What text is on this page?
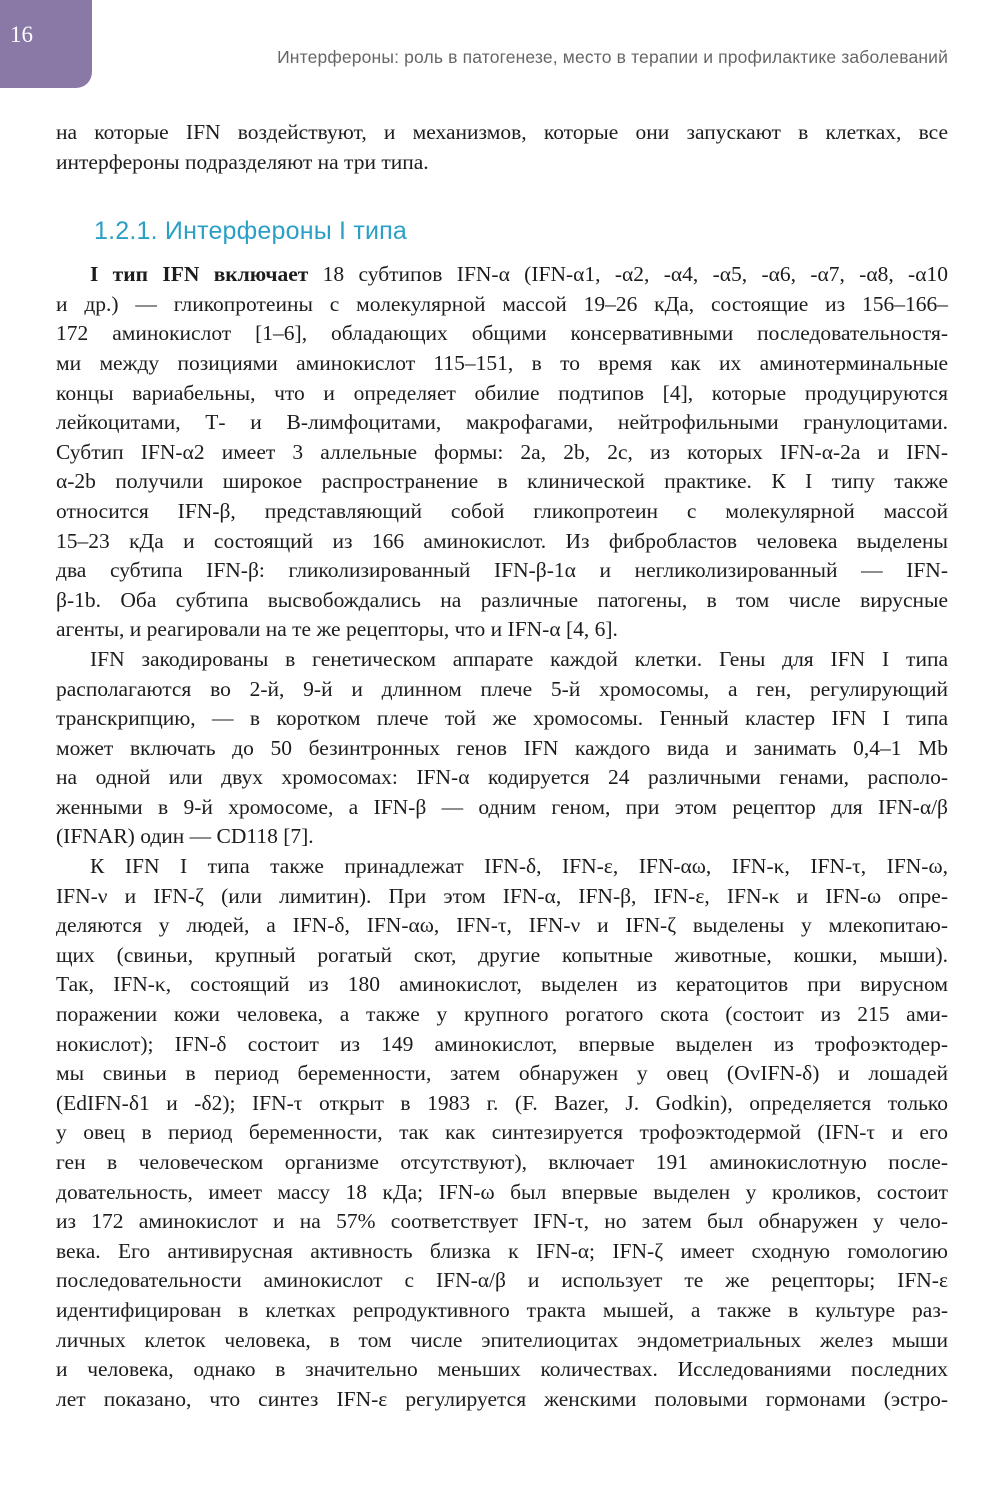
16
Интерфероны: роль в патогенезе, место в терапии и профилактике заболеваний

на которые IFN воздействуют, и механизмов, которые они запускают в клетках, все
интерфероны подразделяют на три типа.

1.2.1. Интерфероны I типа

I тип IFN включает 18 субтипов IFN-α (IFN-α1, -α2, -α4, -α5, -α6, -α7, -α8, -α10
и др.) — гликопротеины с молекулярной массой 19–26 кДа, состоящие из 156–166–
172 аминокислот [1–6], обладающих общими консервативными последовательностя-
ми между позициями аминокислот 115–151, в то время как их аминотерминальные
концы вариабельны, что и определяет обилие подтипов [4], которые продуцируются
лейкоцитами, Т- и В-лимфоцитами, макрофагами, нейтрофильными гранулоцитами.
Субтип IFN-α2 имеет 3 аллельные формы: 2a, 2b, 2c, из которых IFN-α-2a и IFN-
α-2b получили широкое распространение в клинической практике. К I типу также
относится IFN-β, представляющий собой гликопротеин с молекулярной массой
15–23 кДа и состоящий из 166 аминокислот. Из фибробластов человека выделены
два субтипа IFN-β: гликолизированный IFN-β-1α и негликолизированный — IFN-
β-1b. Оба субтипа высвобождались на различные патогены, в том числе вирусные
агенты, и реагировали на те же рецепторы, что и IFN-α [4, 6].

IFN закодированы в генетическом аппарате каждой клетки. Гены для IFN I типа
располагаются во 2-й, 9-й и длинном плече 5-й хромосомы, а ген, регулирующий
транскрипцию, — в коротком плече той же хромосомы. Генный кластер IFN I типа
может включать до 50 безинтронных генов IFN каждого вида и занимать 0,4–1 Mb
на одной или двух хромосомах: IFN-α кодируется 24 различными генами, располо-
женными в 9-й хромосоме, а IFN-β — одним геном, при этом рецептор для IFN-α/β
(IFNAR) один — CD118 [7].

К IFN I типа также принадлежат IFN-δ, IFN-ε, IFN-αω, IFN-κ, IFN-τ, IFN-ω,
IFN-ν и IFN-ζ (или лимитин). При этом IFN-α, IFN-β, IFN-ε, IFN-κ и IFN-ω опре-
деляются у людей, а IFN-δ, IFN-αω, IFN-τ, IFN-ν и IFN-ζ выделены у млекопитаю-
щих (свиньи, крупный рогатый скот, другие копытные животные, кошки, мыши).
Так, IFN-κ, состоящий из 180 аминокислот, выделен из кератоцитов при вирусном
поражении кожи человека, а также у крупного рогатого скота (состоит из 215 ами-
нокислот); IFN-δ состоит из 149 аминокислот, впервые выделен из трофоэктодер-
мы свиньи в период беременности, затем обнаружен у овец (OvIFN-δ) и лошадей
(EdIFN-δ1 и -δ2); IFN-τ открыт в 1983 г. (F. Bazer, J. Godkin), определяется только
у овец в период беременности, так как синтезируется трофоэктодермой (IFN-τ и его
ген в человеческом организме отсутствуют), включает 191 аминокислотную после-
довательность, имеет массу 18 кДа; IFN-ω был впервые выделен у кроликов, состоит
из 172 аминокислот и на 57% соответствует IFN-τ, но затем был обнаружен у чело-
века. Его антивирусная активность близка к IFN-α; IFN-ζ имеет сходную гомологию
последовательности аминокислот с IFN-α/β и использует те же рецепторы; IFN-ε
идентифицирован в клетках репродуктивного тракта мышей, а также в культуре раз-
личных клеток человека, в том числе эпителиоцитах эндометриальных желез мыши
и человека, однако в значительно меньших количествах. Исследованиями последних
лет показано, что синтез IFN-ε регулируется женскими половыми гормонами (эстро-
